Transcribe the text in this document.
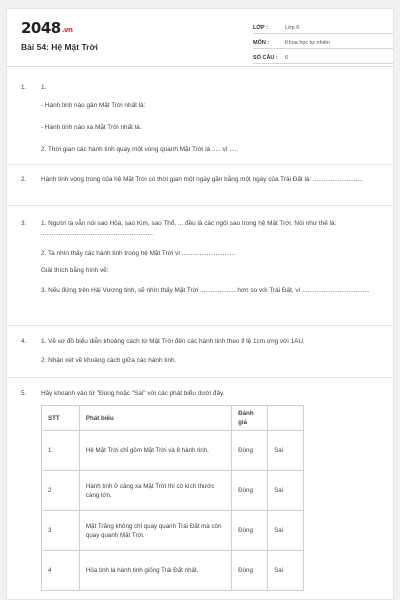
2048.vn
Bài 54: Hệ Mặt Trời
LỚP :	Lớp 6
MÔN :	Khoa học tự nhiên
SỐ CÂU :	6
1.	1.
- Hành tinh nào gần Mặt Trời nhất là:
- Hành tinh nào xa Mặt Trời nhất là:
2. Thời gian các hành tinh quay một vòng quanh Mặt Trời là ..... vì .....
2.	Hành tinh vòng trong của hệ Mặt Trời có thời gian một ngày gần bằng một ngày của Trái Đất là: ............................
3.	1. Người ta vẫn nói sao Hỏa, sao Kim, sao Thổ, ... đều là các ngôi sao trong hệ Mặt Trời. Nói như thế là: ...............................................................
2. Ta nhìn thấy các hành tinh trong hệ Mặt Trời vì ..............................
Giải thích bằng hình vẽ:
3. Nếu đứng trên Hải Vương tinh, sẽ nhìn thấy Mặt Trời .................... hơn so với Trái Đất, vì ......................................
4.	1. Vẽ sơ đồ biểu diễn khoảng cách từ Mặt Trời đến các hành tinh theo tỉ lệ 1cm ứng với 1AU.
2. Nhận xét về khoảng cách giữa các hành tinh.
5.	Hãy khoanh vào từ "Đúng hoặc "Sai" với các phát biểu dưới đây.
STT	Phát biểu	Đánh giá	
1	Hệ Mặt Trời chỉ gồm Mặt Trời và 8 hành tinh.	Đúng	Sai
2	Hành tinh ở càng xa Mặt Trời thì có kích thước càng lớn.	Đúng	Sai
3	Mặt Trăng không chỉ quay quanh Trái Đất mà còn quay quanh Mặt Trời.	Đúng	Sai
4	Hỏa tinh là hành tinh giống Trái Đất nhất.	Đúng	Sai
